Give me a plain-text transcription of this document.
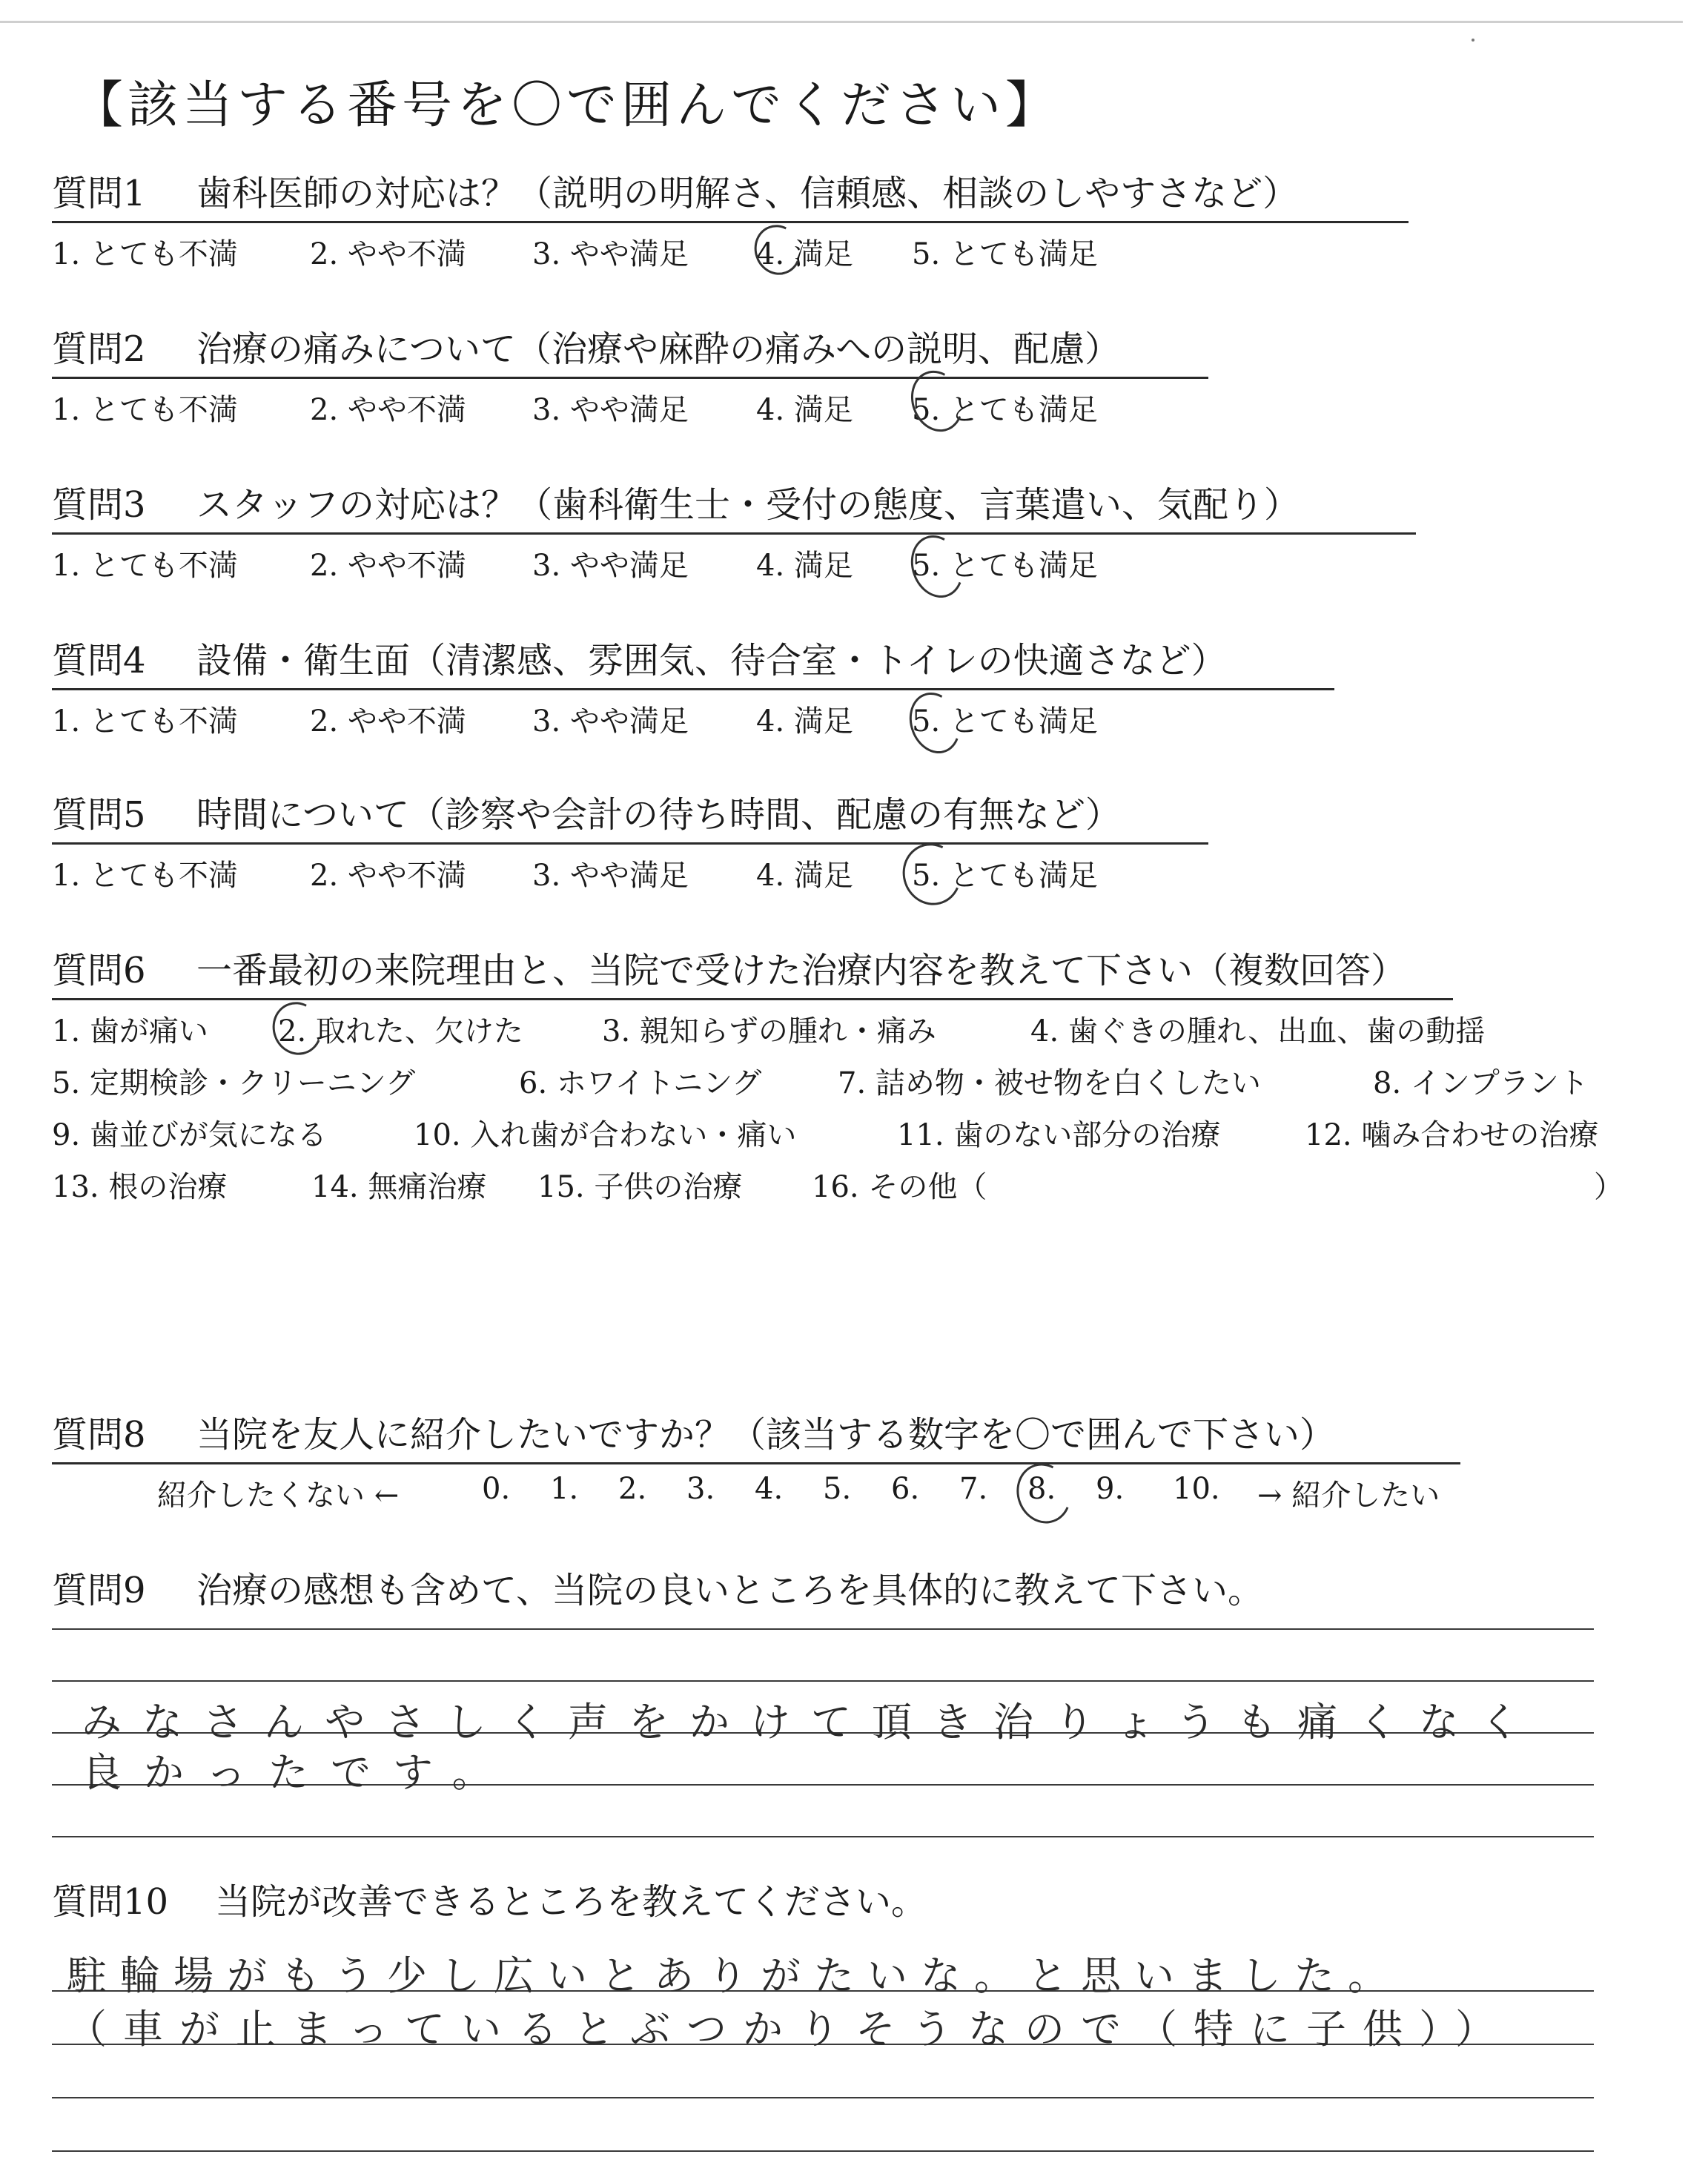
【該当する番号を〇で囲んでください】
質問1 歯科医師の対応は？（説明の明解さ、信頼感、相談のしやすさなど）
1. とても不満 2. やや不満 3. やや満足 4. 満足 5. とても満足
質問2 治療の痛みについて（治療や麻酔の痛みへの説明、配慮）
1. とても不満 2. やや不満 3. やや満足 4. 満足 5. とても満足
質問3 スタッフの対応は？（歯科衛生士・受付の態度、言葉遣い、気配り）
1. とても不満 2. やや不満 3. やや満足 4. 満足 5. とても満足
質問4 設備・衛生面（清潔感、雰囲気、待合室・トイレの快適さなど）
1. とても不満 2. やや不満 3. やや満足 4. 満足 5. とても満足
質問5 時間について（診察や会計の待ち時間、配慮の有無など）
1. とても不満 2. やや不満 3. やや満足 4. 満足 5. とても満足
質問6 一番最初の来院理由と、当院で受けた治療内容を教えて下さい（複数回答）
1. 歯が痛い 2. 取れた、欠けた	3. 親知らずの腫れ・痛み	4. 歯ぐきの腫れ、出血、歯の動揺
5. 定期検診・クリーニング	6. ホワイトニング	7. 詰め物・被せ物を白くしたい	8. インプラント
9. 歯並びが気になる	10. 入れ歯が合わない・痛い	11. 歯のない部分の治療	12. 噛み合わせの治療
13. 根の治療	14. 無痛治療 15. 子供の治療 16. その他（	）
質問8 当院を友人に紹介したいですか？（該当する数字を〇で囲んで下さい）
紹介したくない ←	0. 1. 2. 3. 4. 5. 6. 7. 8. 9. 10. → 紹介したい
質問9 治療の感想も含めて、当院の良いところを具体的に教えて下さい。
みなさんやさしく声をかけて頂き治りょうも痛くなく
良かったです。
質問10 当院が改善できるところを教えてください。
駐輪場がもう少し広いとありがたいな。と思いました。
（車が止まっているとぶつかりそうなので（特に子供））
